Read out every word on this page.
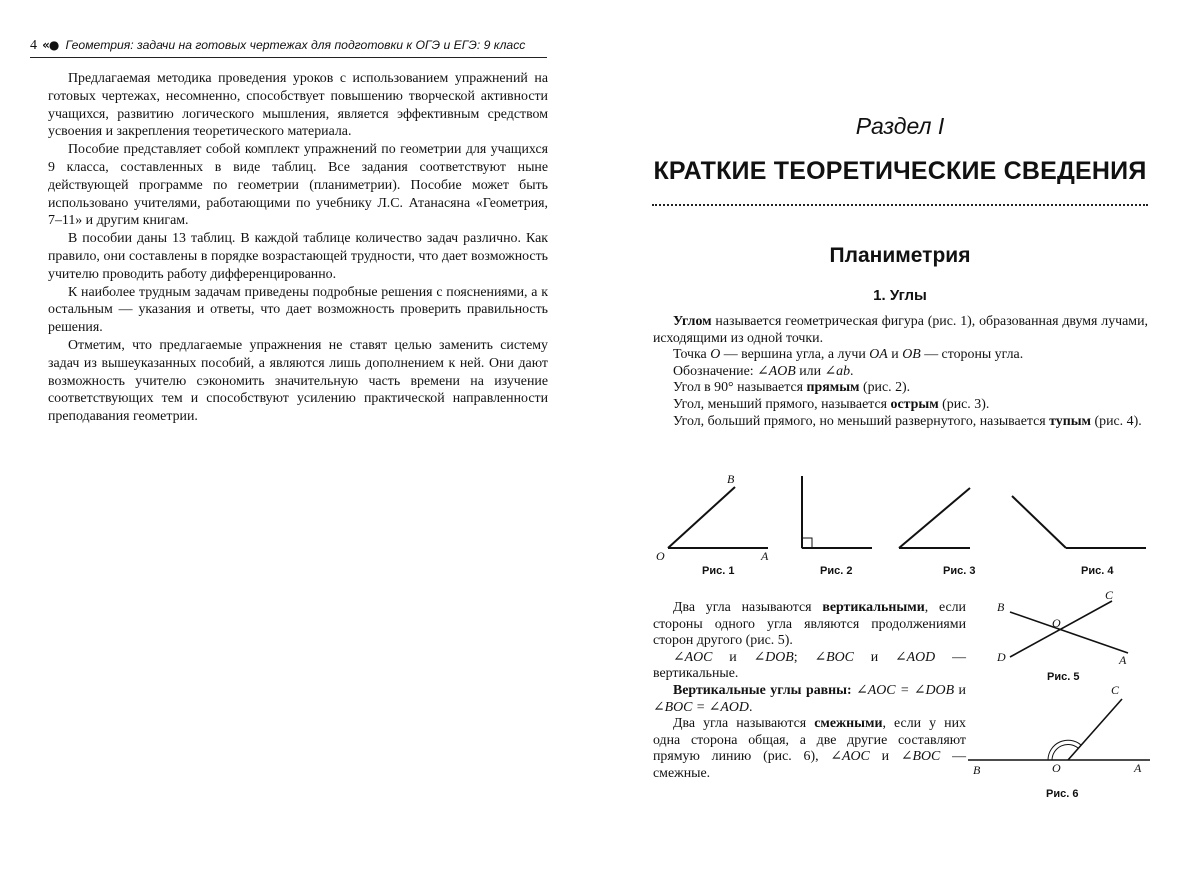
4 «● Геометрия: задачи на готовых чертежах для подготовки к ОГЭ и ЕГЭ: 9 класс

Предлагаемая методика проведения уроков с использованием упражнений на готовых чертежах, несомненно, способствует повышению творческой активности учащихся, развитию логического мышления, является эффективным средством усвоения и закрепления теоретического материала.

Пособие представляет собой комплект упражнений по геометрии для учащихся 9 класса, составленных в виде таблиц. Все задания соответствуют ныне действующей программе по геометрии (планиметрии). Пособие может быть использовано учителями, работающими по учебнику Л.С. Атанасяна «Геометрия, 7–11» и другим книгам.

В пособии даны 13 таблиц. В каждой таблице количество задач различно. Как правило, они составлены в порядке возрастающей трудности, что дает возможность учителю проводить работу дифференцированно.

К наиболее трудным задачам приведены подробные решения с пояснениями, а к остальным — указания и ответы, что дает возможность проверить правильность решения.

Отметим, что предлагаемые упражнения не ставят целью заменить систему задач из вышеуказанных пособий, а являются лишь дополнением к ней. Они дают возможность учителю сэкономить значительную часть времени на изучение соответствующих тем и способствуют усилению практической направленности преподавания геометрии.

Раздел I
КРАТКИЕ ТЕОРЕТИЧЕСКИЕ СВЕДЕНИЯ
Планиметрия
1. Углы

Углом называется геометрическая фигура (рис. 1), образованная двумя лучами, исходящими из одной точки.

Точка O — вершина угла, а лучи OA и OB — стороны угла.

Обозначение: ∠AOB или ∠ab.

Угол в 90° называется прямым (рис. 2).

Угол, меньший прямого, называется острым (рис. 3).

Угол, больший прямого, но меньший развернутого, называется тупым (рис. 4).

Два угла называются вертикальными, если стороны одного угла являются продолжениями сторон другого (рис. 5).

∠AOC и ∠DOB; ∠BOC и ∠AOD — вертикальные.

Вертикальные углы равны: ∠AOC = ∠DOB и ∠BOC = ∠AOD.

Два угла называются смежными, если у них одна сторона общая, а две другие составляют прямую линию (рис. 6), ∠AOC и ∠BOC — смежные.

B
O	A
Рис. 1	Рис. 2	Рис. 3	Рис. 4
B
C
O
D	A
Рис. 5
C
B	O	A
Рис. 6
